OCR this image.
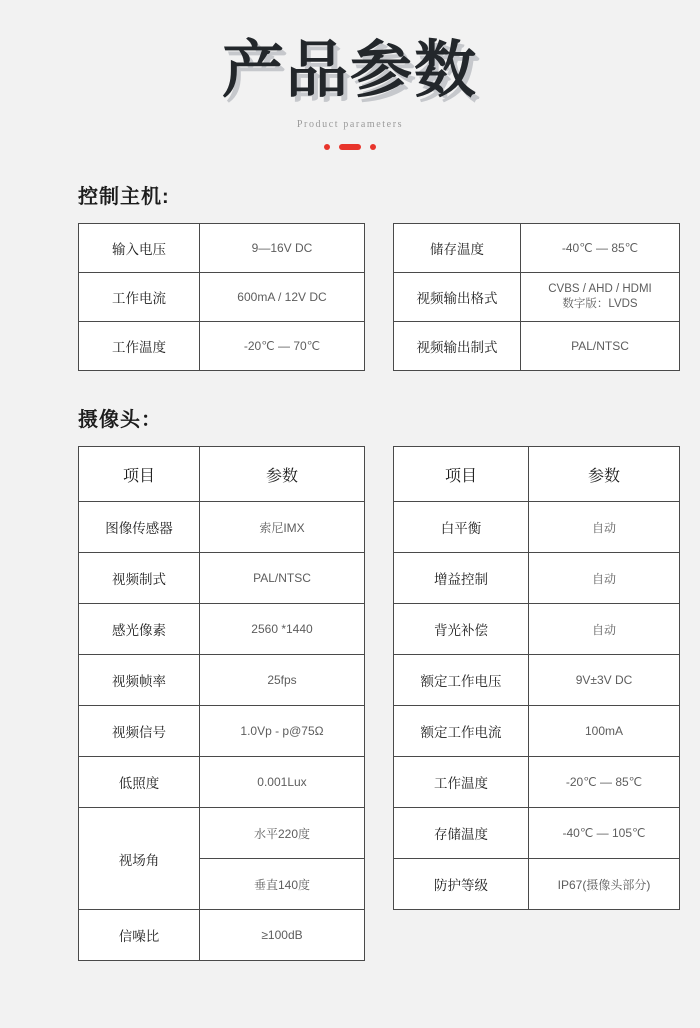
产品参数
Product parameters
控制主机:
输入电压	9—16V DC
工作电流	600mA / 12V DC
工作温度	-20℃ — 70℃
储存温度	-40℃ — 85℃
视频输出格式	CVBS / AHD / HDMI
数字版：LVDS

视频输出制式	PAL/NTSC
摄像头：
项目	参数
图像传感器	索尼IMX
视频制式	PAL/NTSC
感光像素	2560 *1440
视频帧率	25fps
视频信号	1.0Vp - p@75Ω
低照度	0.001Lux
视场角	水平220度
	垂直140度
信噪比	≥100dB
项目	参数
白平衡	自动
增益控制	自动
背光补偿	自动
额定工作电压	9V±3V DC
额定工作电流	100mA
工作温度	-20℃ — 85℃
存储温度	-40℃ — 105℃
防护等级	IP67(摄像头部分)
